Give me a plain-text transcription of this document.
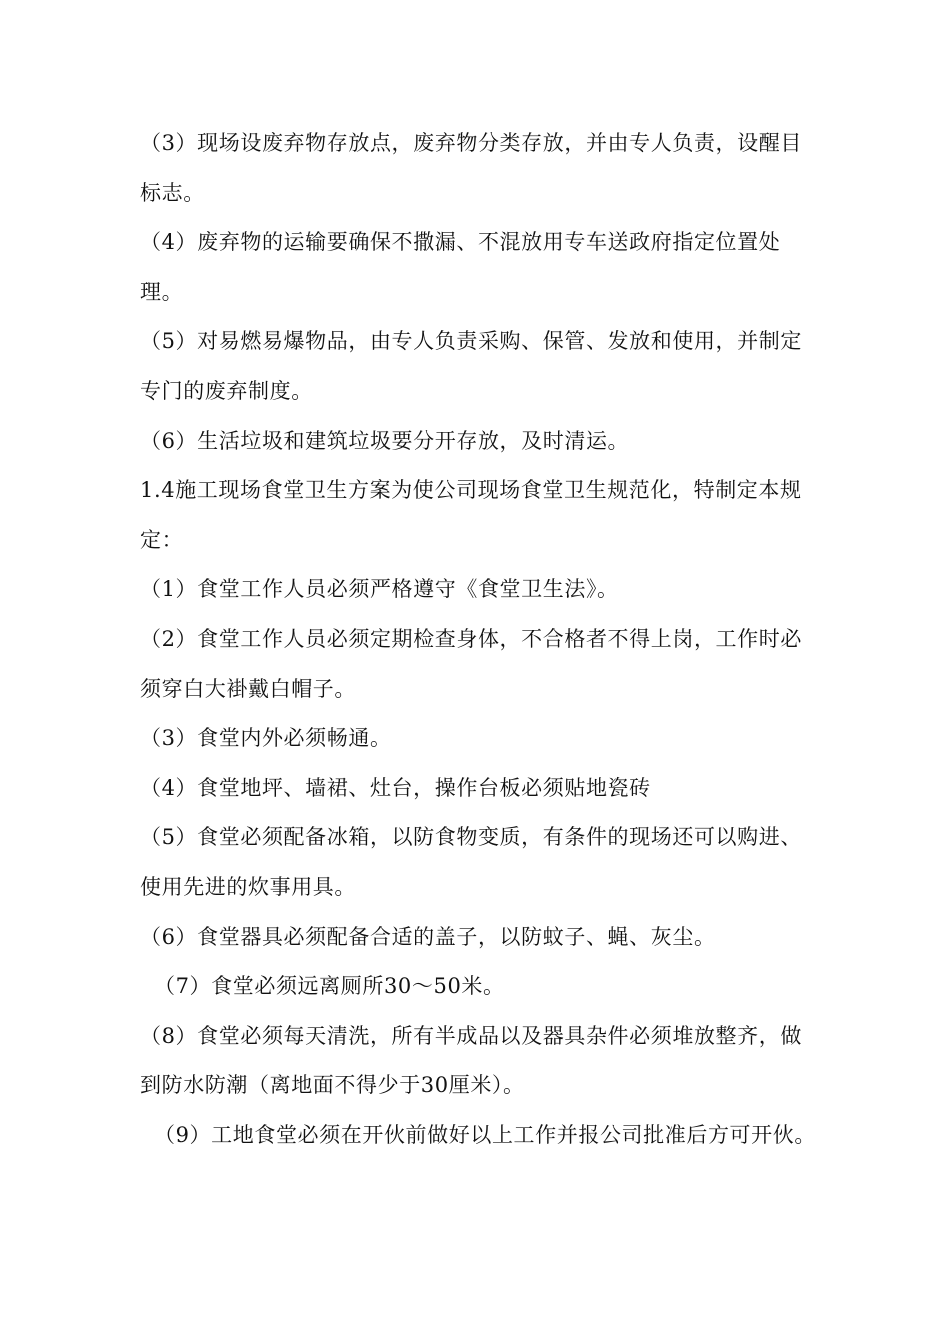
（3）现场设废弃物存放点，废弃物分类存放，并由专人负责，设醒目标志。

（4）废弃物的运输要确保不撒漏、不混放用专车送政府指定位置处理。

（5）对易燃易爆物品，由专人负责采购、保管、发放和使用，并制定专门的废弃制度。

（6）生活垃圾和建筑垃圾要分开存放，及时清运。

1.4施工现场食堂卫生方案为使公司现场食堂卫生规范化，特制定本规定：

（1）食堂工作人员必须严格遵守《食堂卫生法》。

（2）食堂工作人员必须定期检查身体，不合格者不得上岗，工作时必须穿白大褂戴白帽子。

（3）食堂内外必须畅通。

（4）食堂地坪、墙裙、灶台，操作台板必须贴地瓷砖

（5）食堂必须配备冰箱，以防食物变质，有条件的现场还可以购进、使用先进的炊事用具。

（6）食堂器具必须配备合适的盖子，以防蚊子、蝇、灰尘。

（7）食堂必须远离厕所30～50米。

（8）食堂必须每天清洗，所有半成品以及器具杂件必须堆放整齐，做到防水防潮（离地面不得少于30厘米）。

（9）工地食堂必须在开伙前做好以上工作并报公司批准后方可开伙。
